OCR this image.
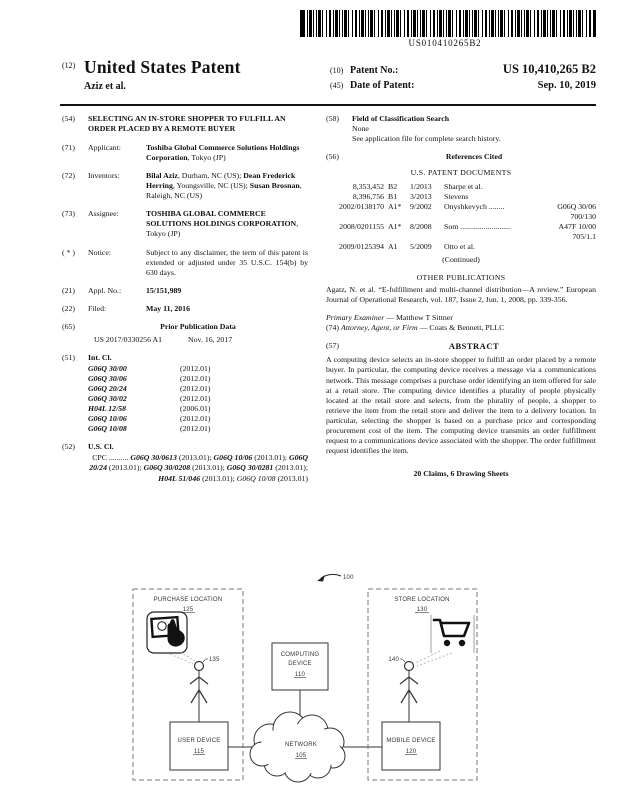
US010410265B2
(12) United States Patent
Aziz et al.
(10) Patent No.:	US 10,410,265 B2
(45) Date of Patent:	Sep. 10, 2019
(54)	SELECTING AN IN-STORE SHOPPER TO FULFILL AN ORDER PLACED BY A REMOTE BUYER
(71)	Applicant:	Toshiba Global Commerce Solutions Holdings Corporation, Tokyo (JP)
(72)	Inventors:	Bilal Aziz, Durham, NC (US); Dean Frederick Herring, Youngsville, NC (US); Susan Brosnan, Raleigh, NC (US)
(73)	Assignee:	TOSHIBA GLOBAL COMMERCE SOLUTIONS HOLDINGS CORPORATION, Tokyo (JP)
( * )	Notice:	Subject to any disclaimer, the term of this patent is extended or adjusted under 35 U.S.C. 154(b) by 630 days.
(21)	Appl. No.:	15/151,989
(22)	Filed:	May 11, 2016
(65)	Prior Publication Data
US 2017/0330256 A1	Nov. 16, 2017
(51)	Int. Cl.
G06Q 30/00	(2012.01)
G06Q 30/06	(2012.01)
G06Q 20/24	(2012.01)
G06Q 30/02	(2012.01)
H04L 12/58	(2006.01)
G06Q 10/06	(2012.01)
G06Q 10/08	(2012.01)
(52)	U.S. Cl.
CPC .......... G06Q 30/0613 (2013.01); G06Q 10/06 (2013.01); G06Q 20/24 (2013.01); G06Q 30/0208 (2013.01); G06Q 30/0281 (2013.01); H04L 51/046 (2013.01); G06Q 10/08 (2013.01)
(58)	Field of Classification Search
None
See application file for complete search history.
(56)	References Cited
U.S. PATENT DOCUMENTS
8,353,452 B2	1/2013	Sharpe et al.
8,396,756 B1	3/2013	Stevens
2002/0138170 A1*	9/2002	Onyshkevych ........	G06Q 30/06
700/130
2008/0201155 A1*	8/2008	Som ..........................	A47F 10/00
705/1.1
2009/0125394 A1	5/2009	Otto et al.
(Continued)
OTHER PUBLICATIONS
Agatz, N. et al. “E-fulfillment and multi-channel distribution—A review.” European Journal of Operational Research, vol. 187, Issue 2, Jun. 1, 2008, pp. 339-356.
Primary Examiner — Matthew T Sittner
(74) Attorney, Agent, or Firm — Coats & Bennett, PLLC
(57)	ABSTRACT
A computing device selects an in-store shopper to fulfill an order placed by a remote buyer. In particular, the computing device receives a message via a communications network. This message comprises a purchase order identifying an item offered for sale at a retail store. The computing device identifies a plurality of people physically located at the retail store and selects, from the plurality of people, a shopper to retrieve the item from the retail store and deliver the item to a delivery location. In particular, selecting the shopper is based on a purchase price and corresponding procurement cost of the item. The computing device transmits an order fulfillment request to a communications device associated with the shopper. The order fulfillment request identifies the item.
20 Claims, 6 Drawing Sheets
100
PURCHASE LOCATION
125
135
USER DEVICE
115
COMPUTING
DEVICE
110
NETWORK
105
STORE LOCATION
130
140
MOBILE DEVICE
120
